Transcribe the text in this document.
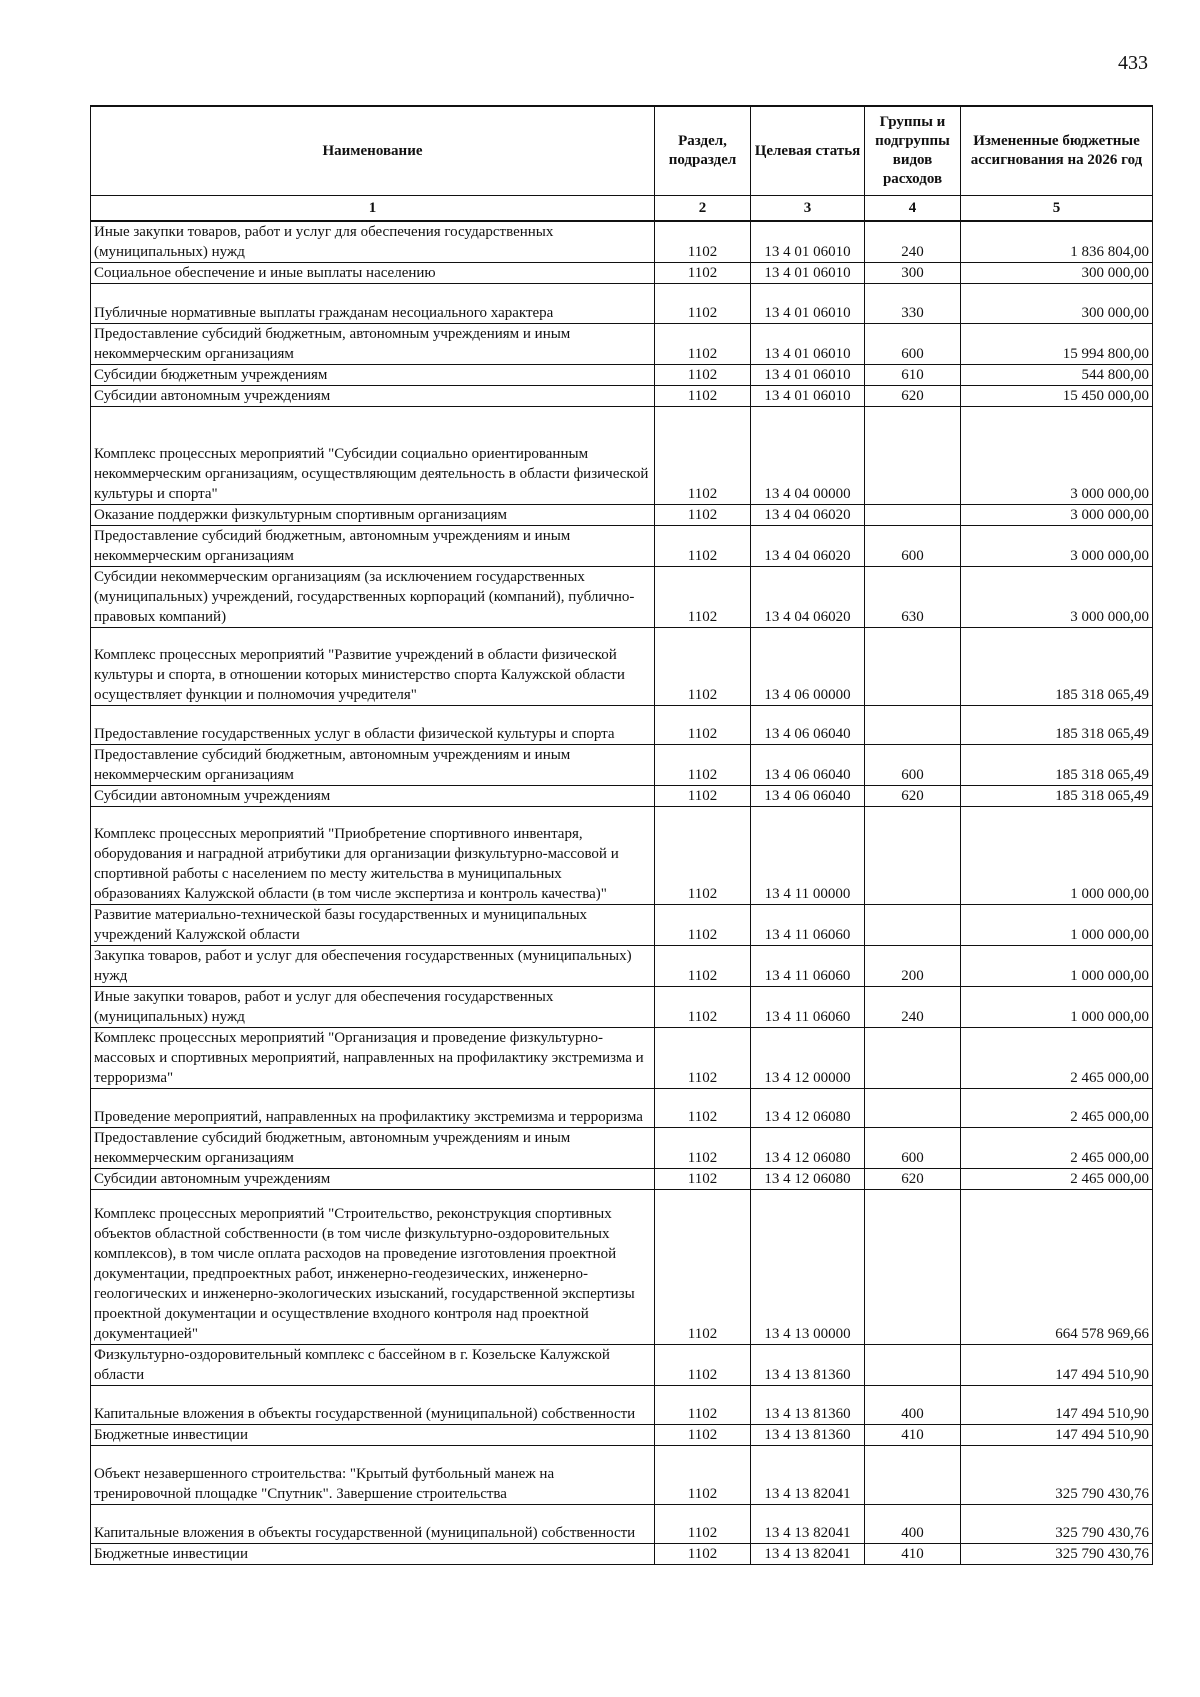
433
Наименование	Раздел, подраздел	Целевая статья	Группы и подгруппы видов расходов	Измененные бюджетные ассигнования на 2026 год
1	2	3	4	5
Иные закупки товаров, работ и услуг для обеспечения государственных (муниципальных) нужд	1102	13 4 01 06010	240	1 836 804,00
Социальное обеспечение и иные выплаты населению	1102	13 4 01 06010	300	300 000,00
Публичные нормативные выплаты гражданам несоциального характера	1102	13 4 01 06010	330	300 000,00
Предоставление субсидий бюджетным, автономным учреждениям и иным некоммерческим организациям	1102	13 4 01 06010	600	15 994 800,00
Субсидии бюджетным учреждениям	1102	13 4 01 06010	610	544 800,00
Субсидии автономным учреждениям	1102	13 4 01 06010	620	15 450 000,00
Комплекс процессных мероприятий "Субсидии социально ориентированным некоммерческим организациям, осуществляющим деятельность в области физической культуры и спорта"	1102	13 4 04 00000		3 000 000,00
Оказание поддержки физкультурным спортивным организациям	1102	13 4 04 06020		3 000 000,00
Предоставление субсидий бюджетным, автономным учреждениям и иным некоммерческим организациям	1102	13 4 04 06020	600	3 000 000,00
Субсидии некоммерческим организациям (за исключением государственных (муниципальных) учреждений, государственных корпораций (компаний), публично-правовых компаний)	1102	13 4 04 06020	630	3 000 000,00
Комплекс процессных мероприятий "Развитие учреждений в области физической культуры и спорта, в отношении которых министерство спорта Калужской области осуществляет функции и полномочия учредителя"	1102	13 4 06 00000		185 318 065,49
Предоставление государственных услуг в области физической культуры и спорта	1102	13 4 06 06040		185 318 065,49
Предоставление субсидий бюджетным, автономным учреждениям и иным некоммерческим организациям	1102	13 4 06 06040	600	185 318 065,49
Субсидии автономным учреждениям	1102	13 4 06 06040	620	185 318 065,49
Комплекс процессных мероприятий "Приобретение спортивного инвентаря, оборудования и наградной атрибутики для организации физкультурно-массовой и спортивной работы с населением по месту жительства в муниципальных образованиях Калужской области (в том числе экспертиза и контроль качества)"	1102	13 4 11 00000		1 000 000,00
Развитие материально-технической базы государственных и муниципальных учреждений Калужской области	1102	13 4 11 06060		1 000 000,00
Закупка товаров, работ и услуг для обеспечения государственных (муниципальных) нужд	1102	13 4 11 06060	200	1 000 000,00
Иные закупки товаров, работ и услуг для обеспечения государственных (муниципальных) нужд	1102	13 4 11 06060	240	1 000 000,00
Комплекс процессных мероприятий "Организация и проведение физкультурно-массовых и спортивных мероприятий, направленных на профилактику экстремизма и терроризма"	1102	13 4 12 00000		2 465 000,00
Проведение мероприятий, направленных на профилактику экстремизма и терроризма	1102	13 4 12 06080		2 465 000,00
Предоставление субсидий бюджетным, автономным учреждениям и иным некоммерческим организациям	1102	13 4 12 06080	600	2 465 000,00
Субсидии автономным учреждениям	1102	13 4 12 06080	620	2 465 000,00
Комплекс процессных мероприятий "Строительство, реконструкция спортивных объектов областной собственности (в том числе физкультурно-оздоровительных комплексов), в том числе оплата расходов на проведение изготовления проектной документации, предпроектных работ, инженерно-геодезических, инженерно-геологических и инженерно-экологических изысканий, государственной экспертизы проектной документации и осуществление входного контроля над проектной документацией"	1102	13 4 13 00000		664 578 969,66
Физкультурно-оздоровительный комплекс с бассейном в г. Козельске Калужской области	1102	13 4 13 81360		147 494 510,90
Капитальные вложения в объекты государственной (муниципальной) собственности	1102	13 4 13 81360	400	147 494 510,90
Бюджетные инвестиции	1102	13 4 13 81360	410	147 494 510,90
Объект незавершенного строительства: "Крытый футбольный манеж на тренировочной площадке "Спутник". Завершение строительства	1102	13 4 13 82041		325 790 430,76
Капитальные вложения в объекты государственной (муниципальной) собственности	1102	13 4 13 82041	400	325 790 430,76
Бюджетные инвестиции	1102	13 4 13 82041	410	325 790 430,76
